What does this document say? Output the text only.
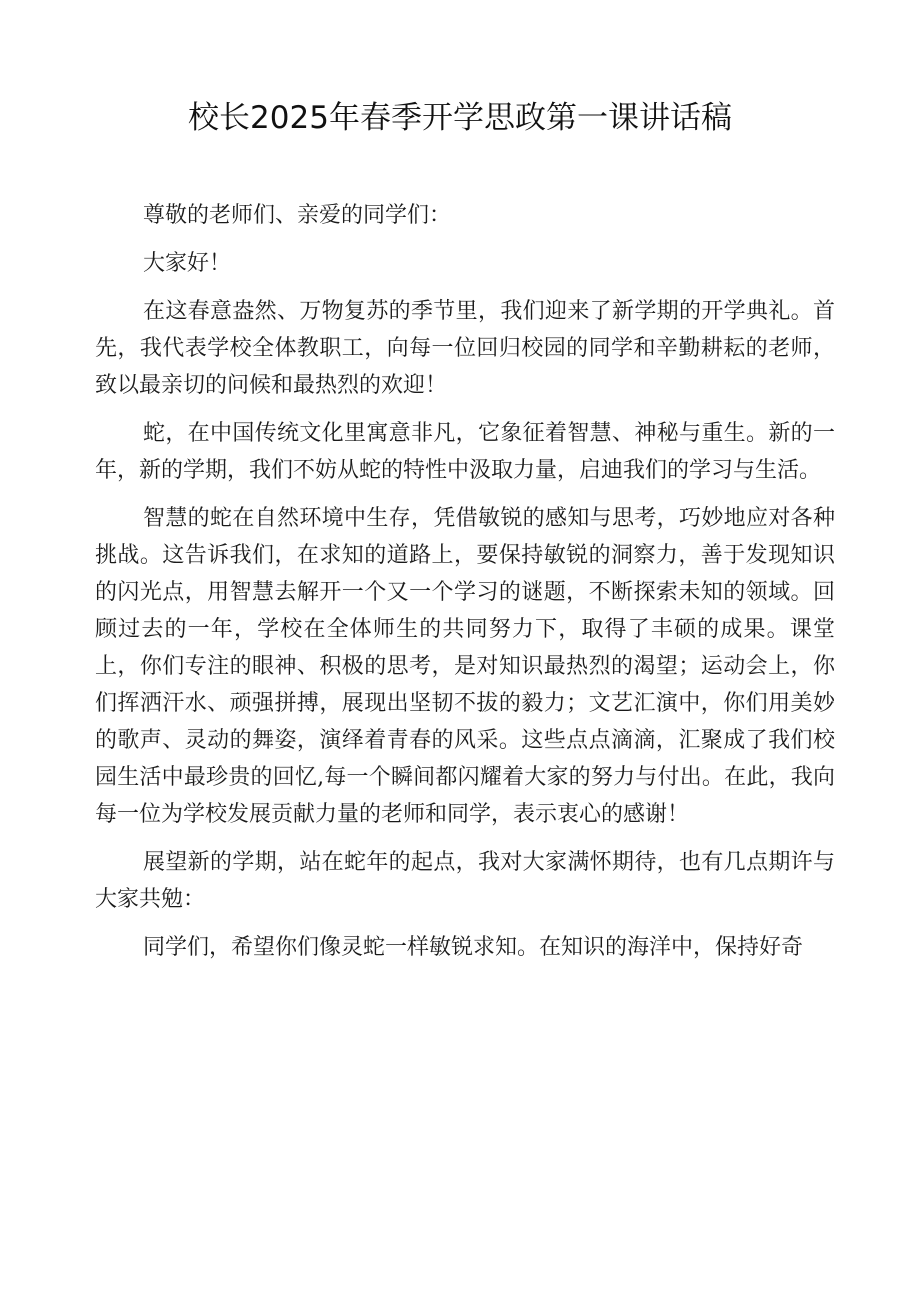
校长2025年春季开学思政第一课讲话稿

尊敬的老师们、亲爱的同学们：

大家好！

在这春意盎然、万物复苏的季节里，我们迎来了新学期的开学典礼。首先，我代表学校全体教职工，向每一位回归校园的同学和辛勤耕耘的老师，致以最亲切的问候和最热烈的欢迎！

蛇，在中国传统文化里寓意非凡，它象征着智慧、神秘与重生。新的一年，新的学期，我们不妨从蛇的特性中汲取力量，启迪我们的学习与生活。

智慧的蛇在自然环境中生存，凭借敏锐的感知与思考，巧妙地应对各种挑战。这告诉我们，在求知的道路上，要保持敏锐的洞察力，善于发现知识的闪光点，用智慧去解开一个又一个学习的谜题，不断探索未知的领域。回顾过去的一年，学校在全体师生的共同努力下，取得了丰硕的成果。课堂上，你们专注的眼神、积极的思考，是对知识最热烈的渴望；运动会上，你们挥洒汗水、顽强拼搏，展现出坚韧不拔的毅力；文艺汇演中，你们用美妙的歌声、灵动的舞姿，演绎着青春的风采。这些点点滴滴，汇聚成了我们校园生活中最珍贵的回忆,每一个瞬间都闪耀着大家的努力与付出。在此，我向每一位为学校发展贡献力量的老师和同学，表示衷心的感谢！

展望新的学期，站在蛇年的起点，我对大家满怀期待，也有几点期许与大家共勉：

同学们，希望你们像灵蛇一样敏锐求知。在知识的海洋中，保持好奇
